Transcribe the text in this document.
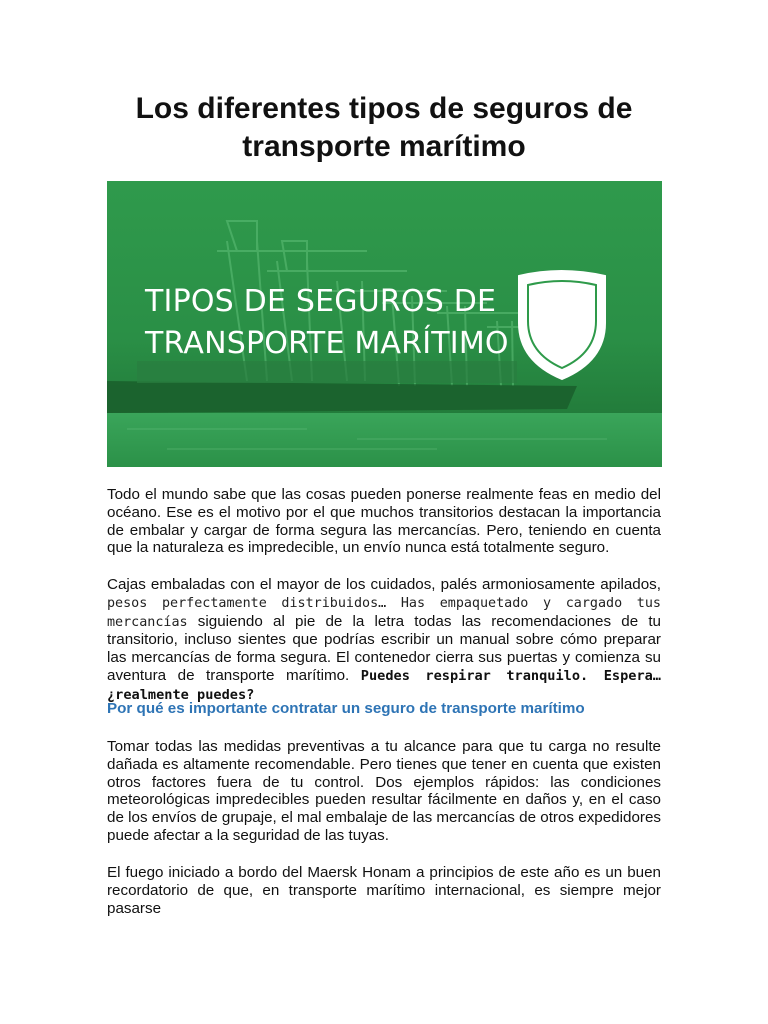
Los diferentes tipos de seguros de transporte marítimo
TIPOS DE SEGUROS DE
TRANSPORTE MARÍTIMO

Todo el mundo sabe que las cosas pueden ponerse realmente feas en medio del océano. Ese es el motivo por el que muchos transitorios destacan la importancia de embalar y cargar de forma segura las mercancías. Pero, teniendo en cuenta que la naturaleza es impredecible, un envío nunca está totalmente seguro.

Cajas embaladas con el mayor de los cuidados, palés armoniosamente apilados, pesos perfectamente distribuidos… Has empaquetado y cargado tus mercancías siguiendo al pie de la letra todas las recomendaciones de tu transitorio, incluso sientes que podrías escribir un manual sobre cómo preparar las mercancías de forma segura. El contenedor cierra sus puertas y comienza su aventura de transporte marítimo. Puedes respirar tranquilo. Espera… ¿realmente puedes?

Por qué es importante contratar un seguro de transporte marítimo

Tomar todas las medidas preventivas a tu alcance para que tu carga no resulte dañada es altamente recomendable. Pero tienes que tener en cuenta que existen otros factores fuera de tu control. Dos ejemplos rápidos: las condiciones meteorológicas impredecibles pueden resultar fácilmente en daños y, en el caso de los envíos de grupaje, el mal embalaje de las mercancías de otros expedidores puede afectar a la seguridad de las tuyas.

El fuego iniciado a bordo del Maersk Honam a principios de este año es un buen recordatorio de que, en transporte marítimo internacional, es siempre mejor pasarse
